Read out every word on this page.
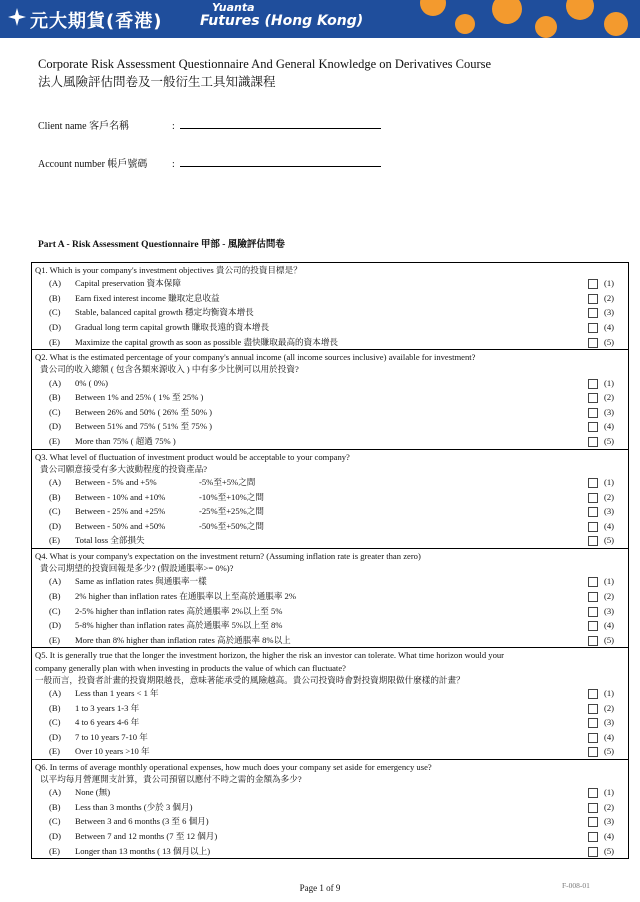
元大期貨(香港)
Yuanta
Futures (Hong Kong)
Corporate Risk Assessment Questionnaire And General Knowledge on Derivatives Course
法人風險評估問卷及一般衍生工具知識課程
Client name 客戶名稱	:
Account number 帳戶號碼 :
Part A - Risk Assessment Questionnaire 甲部 - 風險評估問卷
Q1. Which is your company's investment objectives 貴公司的投資目標是？
(A) Capital preservation 資本保障	(1)
(B) Earn fixed interest income 賺取定息收益	(2)
(C) Stable, balanced capital growth 穩定均衡資本增長	(3)
(D) Gradual long term capital growth 賺取長遠的資本增長	(4)
(E) Maximize the capital growth as soon as possible 盡快賺取最高的資本增長	(5)
Q2. What is the estimated percentage of your company's annual income (all income sources inclusive) available for investment?
貴公司的收入總額 ( 包含各類來源收入 ) 中有多少比例可以用於投資?
(A) 0% ( 0%)	(1)
(B) Between 1% and 25% ( 1% 至 25% )	(2)
(C) Between 26% and 50% ( 26% 至 50% )	(3)
(D) Between 51% and 75% ( 51% 至 75% )	(4)
(E) More than 75% ( 超過 75% )	(5)
Q3. What level of fluctuation of investment product would be acceptable to your company?
貴公司願意接受有多大波動程度的投資產品?
(A) Between - 5% and +5%	-5%至+5%之間	(1)
(B) Between - 10% and +10%	-10%至+10%之間	(2)
(C) Between - 25% and +25%	-25%至+25%之間	(3)
(D) Between - 50% and +50%	-50%至+50%之間	(4)
(E) Total loss 全部損失	(5)
Q4. What is your company's expectation on the investment return? (Assuming inflation rate is greater than zero)
貴公司期望的投資回報是多少? (假設通脹率>= 0%)?
(A) Same as inflation rates 與通脹率一樣	(1)
(B) 2% higher than inflation rates 在通脹率以上至高於通脹率 2%	(2)
(C) 2-5% higher than inflation rates 高於通脹率 2%以上至 5%	(3)
(D) 5-8% higher than inflation rates 高於通脹率 5%以上至 8%	(4)
(E) More than 8% higher than inflation rates 高於通脹率 8%以上	(5)
Q5. It is generally true that the longer the investment horizon, the higher the risk an investor can tolerate. What time horizon would your
company generally plan with when investing in products the value of which can fluctuate?
一般而言，投資者計畫的投資期限越長，意味著能承受的風險越高。貴公司投資時會對投資期限做什麼樣的計畫？
(A) Less than 1 years < 1 年	(1)
(B) 1 to 3 years 1-3 年	(2)
(C) 4 to 6 years 4-6 年	(3)
(D) 7 to 10 years 7-10 年	(4)
(E) Over 10 years >10 年	(5)
Q6. In terms of average monthly operational expenses, how much does your company set aside for emergency use?
以平均每月營運開支計算，貴公司預留以應付不時之需的金額為多少?
(A) None (無)	(1)
(B) Less than 3 months (少於 3 個月)	(2)
(C) Between 3 and 6 months (3 至 6 個月)	(3)
(D) Between 7 and 12 months (7 至 12 個月)	(4)
(E) Longer than 13 months ( 13 個月以上)	(5)
Page 1 of 9	F-008-01
